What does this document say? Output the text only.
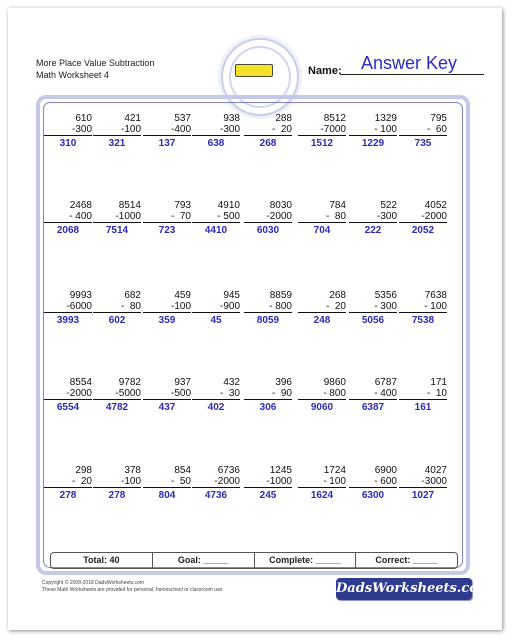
More Place Value Subtraction
Math Worksheet 4
Answer Key
Name:
610
-300
310
421
-100
321
537
-400
137
938
-300
638
288
-  20
268
8512
-7000
1512
1329
- 100
1229
795
-  60
735
2468
- 400
2068
8514
-1000
7514
793
-  70
723
4910
- 500
4410
8030
-2000
6030
784
-  80
704
522
-300
222
4052
-2000
2052
9993
-6000
3993
682
-  80
602
459
-100
359
945
-900
45
8859
- 800
8059
268
-  20
248
5356
- 300
5056
7638
- 100
7538
8554
-2000
6554
9782
-5000
4782
937
-500
437
432
-  30
402
396
-  90
306
9860
- 800
9060
6787
- 400
6387
171
-  10
161
298
-  20
278
378
-100
278
854
-  50
804
6736
-2000
4736
1245
-1000
245
1724
- 100
1624
6900
- 600
6300
4027
-3000
1027
Total: 40	Goal: _____	Complete: _____	Correct: _____
Copyright © 2008-2018 DadsWorksheets.com
These Math Worksheets are provided for personal, homeschool or classroom use.	DadsWorksheets.com
